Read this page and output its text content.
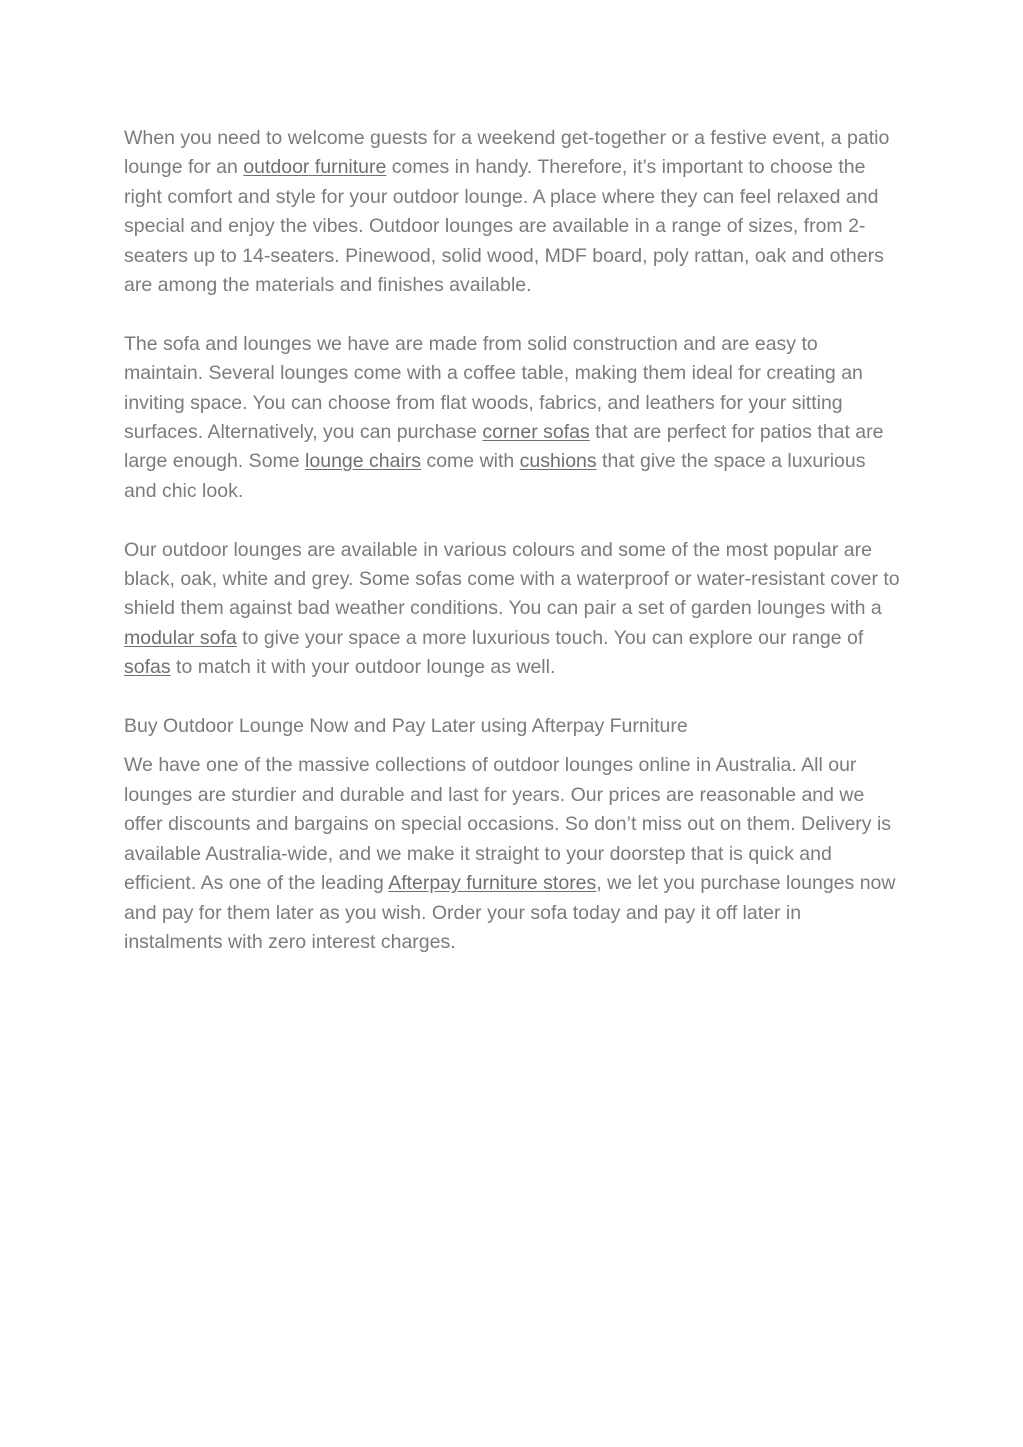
When you need to welcome guests for a weekend get-together or a festive event, a patio lounge for an outdoor furniture comes in handy. Therefore, it’s important to choose the right comfort and style for your outdoor lounge. A place where they can feel relaxed and special and enjoy the vibes. Outdoor lounges are available in a range of sizes, from 2-seaters up to 14-seaters. Pinewood, solid wood, MDF board, poly rattan, oak and others are among the materials and finishes available.

The sofa and lounges we have are made from solid construction and are easy to maintain. Several lounges come with a coffee table, making them ideal for creating an inviting space. You can choose from flat woods, fabrics, and leathers for your sitting surfaces. Alternatively, you can purchase corner sofas that are perfect for patios that are large enough. Some lounge chairs come with cushions that give the space a luxurious and chic look.

Our outdoor lounges are available in various colours and some of the most popular are black, oak, white and grey. Some sofas come with a waterproof or water-resistant cover to shield them against bad weather conditions. You can pair a set of garden lounges with a modular sofa to give your space a more luxurious touch. You can explore our range of sofas to match it with your outdoor lounge as well.

Buy Outdoor Lounge Now and Pay Later using Afterpay Furniture

We have one of the massive collections of outdoor lounges online in Australia. All our lounges are sturdier and durable and last for years. Our prices are reasonable and we offer discounts and bargains on special occasions. So don’t miss out on them. Delivery is available Australia-wide, and we make it straight to your doorstep that is quick and efficient. As one of the leading Afterpay furniture stores, we let you purchase lounges now and pay for them later as you wish. Order your sofa today and pay it off later in instalments with zero interest charges.
